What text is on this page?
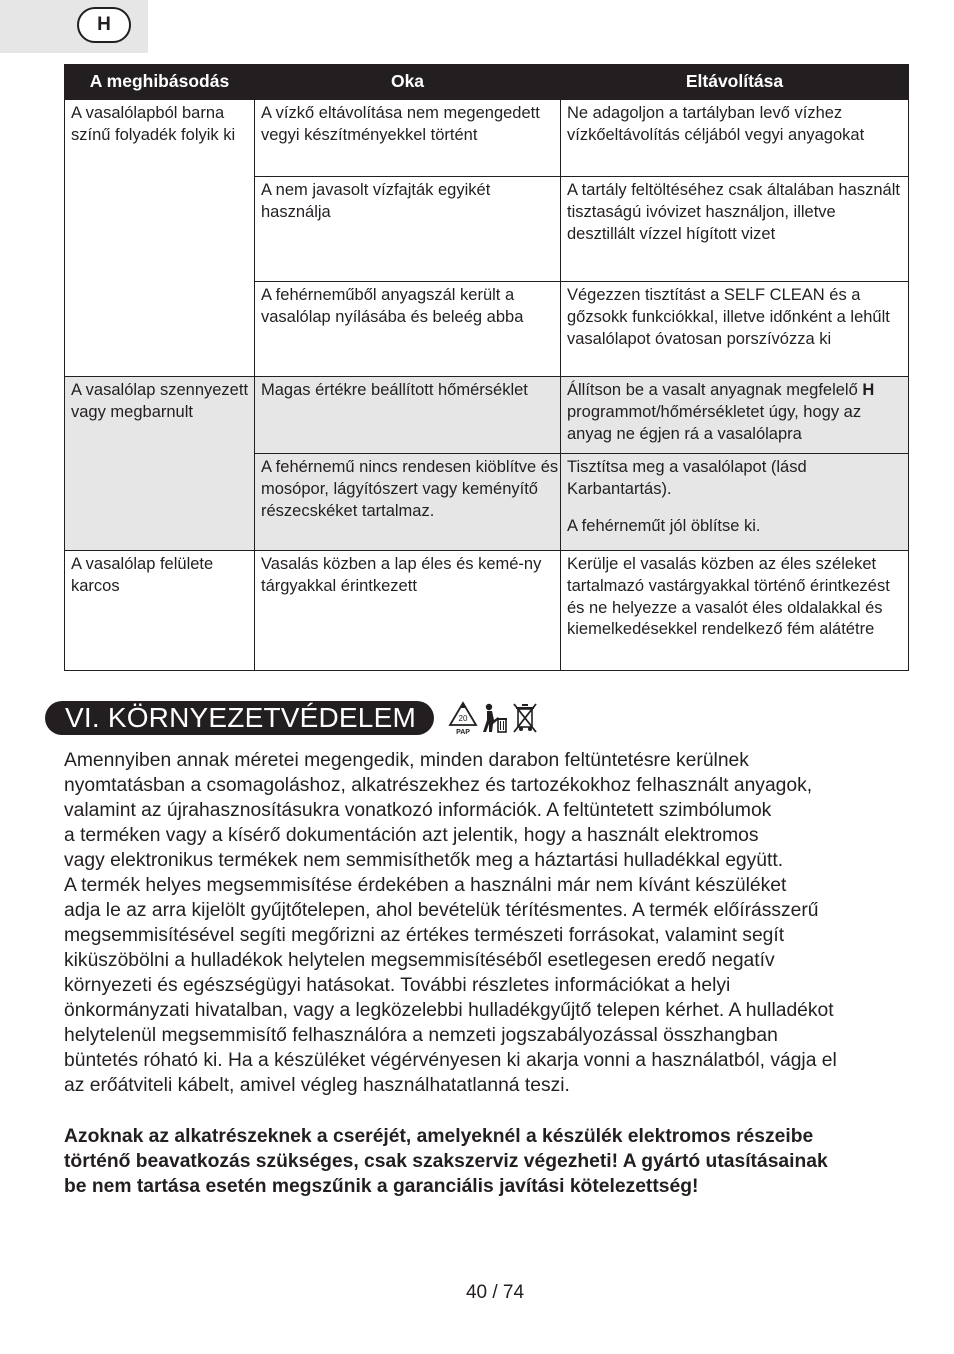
H
A meghibásodás	Oka	Eltávolítása
A vasalólapból barna színű folyadék folyik ki	A vízkő eltávolítása nem megengedett vegyi készítményekkel történt	Ne adagoljon a tartályban levő vízhez vízkőeltávolítás céljából vegyi anyagokat

	A nem javasolt vízfajták egyikét használja	A tartály feltöltéséhez csak általában használt tisztaságú ivóvizet használjon, illetve desztillált vízzel hígított vizet

	A fehérneműből anyagszál került a vasalólap nyílásába és beleég abba	Végezzen tisztítást a SELF CLEAN és a gőzsokk funkciókkal, illetve időnként a lehűlt vasalólapot óvatosan porszívózza ki

A vasalólap szennyezett vagy megbarnult	Magas értékre beállított hőmérséklet	Állítson be a vasalt anyagnak megfelelő H programmot/hőmérsékletet úgy, hogy az anyag ne égjen rá a vasalólapra
	A fehérnemű nincs rendesen kiöblítve és mosópor, lágyítószert vagy keményítő részecskéket tartalmaz.	Tisztítsa meg a vasalólapot (lásd Karbantartás).
A fehérneműt jól öblítse ki.

A vasalólap felülete karcos	Vasalás közben a lap éles és kemé-ny tárgyakkal érintkezett	Kerülje el vasalás közben az éles széleket tartalmazó vastárgyakkal történő érintkezést és ne helyezze a vasalót éles oldalakkal és kiemelkedésekkel rendelkező fém alátétre
VI. KÖRNYEZETVÉDELEM	20
PAP

Amennyiben annak méretei megengedik, minden darabon feltüntetésre kerülnek
nyomtatásban a csomagoláshoz, alkatrészekhez és tartozékokhoz felhasznált anyagok,
valamint az újrahasznosításukra vonatkozó információk. A feltüntetett szimbólumok
a terméken vagy a kísérő dokumentáción azt jelentik, hogy a használt elektromos
vagy elektronikus termékek nem semmisíthetők meg a háztartási hulladékkal együtt.
A termék helyes megsemmisítése érdekében a használni már nem kívánt készüléket
adja le az arra kijelölt gyűjtőtelepen, ahol bevételük térítésmentes. A termék előírásszerű
megsemmisítésével segíti megőrizni az értékes természeti forrásokat, valamint segít
kiküszöbölni a hulladékok helytelen megsemmisítéséből esetlegesen eredő negatív
környezeti és egészségügyi hatásokat. További részletes információkat a helyi
önkormányzati hivatalban, vagy a legközelebbi hulladékgyűjtő telepen kérhet. A hulladékot
helytelenül megsemmisítő felhasználóra a nemzeti jogszabályozással összhangban
büntetés róható ki. Ha a készüléket végérvényesen ki akarja vonni a használatból, vágja el
az erőátviteli kábelt, amivel végleg használhatatlanná teszi.

Azoknak az alkatrészeknek a cseréjét, amelyeknél a készülék elektromos részeibe
történő beavatkozás szükséges, csak szakszerviz végezheti! A gyártó utasításainak
be nem tartása esetén megszűnik a garanciális javítási kötelezettség!

40 / 74
